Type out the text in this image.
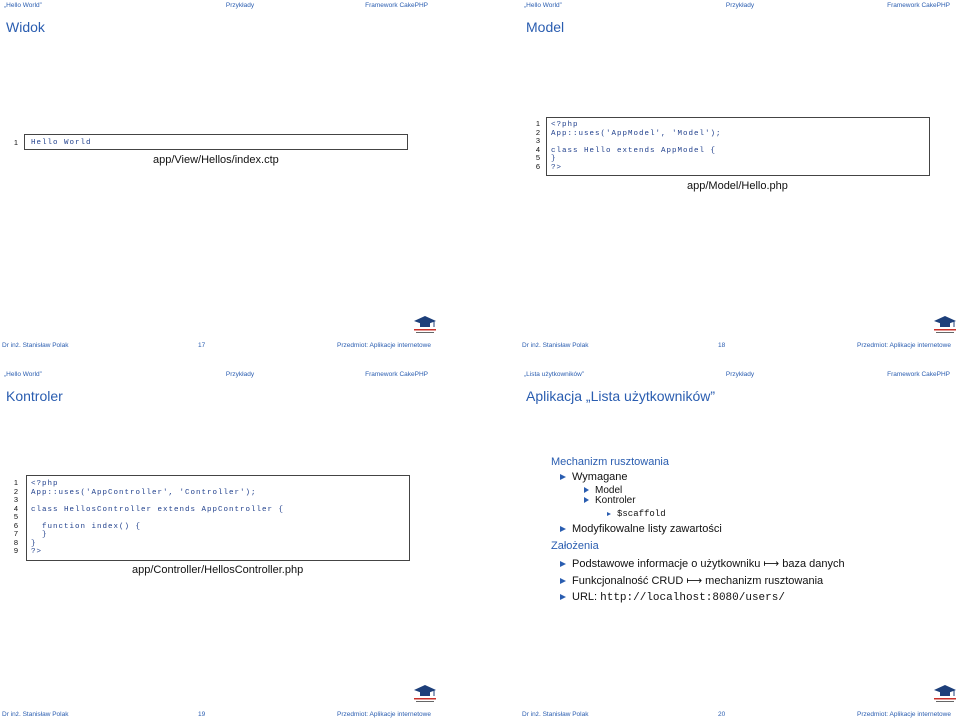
„Hello World”	Przykłady	Framework CakePHP
Widok
1 Hello World
app/View/Hellos/index.ctp
Dr inż. Stanisław Polak	17	Przedmiot: Aplikacje internetowe
„Hello World”	Przykłady	Framework CakePHP
Model
1
2
3
4
5
6
<?php
App::uses('AppModel', 'Model');
class Hello extends AppModel {
}
?>
app/Model/Hello.php
Dr inż. Stanisław Polak	18	Przedmiot: Aplikacje internetowe
„Hello World”	Przykłady	Framework CakePHP
Kontroler
1
2
3
4
5
6
7
8
9
<?php
App::uses('AppController', 'Controller');
class HellosController extends AppController {
function index() {
}
}
?>
app/Controller/HellosController.php
Dr inż. Stanisław Polak	19	Przedmiot: Aplikacje internetowe
„Lista użytkowników”	Przykłady	Framework CakePHP
Aplikacja „Lista użytkowników”
Mechanizm rusztowania
Wymagane
Model
Kontroler
$scaffold
Modyfikowalne listy zawartości
Założenia
Podstawowe informacje o użytkowniku ⟼ baza danych
Funkcjonalność CRUD ⟼ mechanizm rusztowania
URL: http://localhost:8080/users/
Dr inż. Stanisław Polak	20	Przedmiot: Aplikacje internetowe
